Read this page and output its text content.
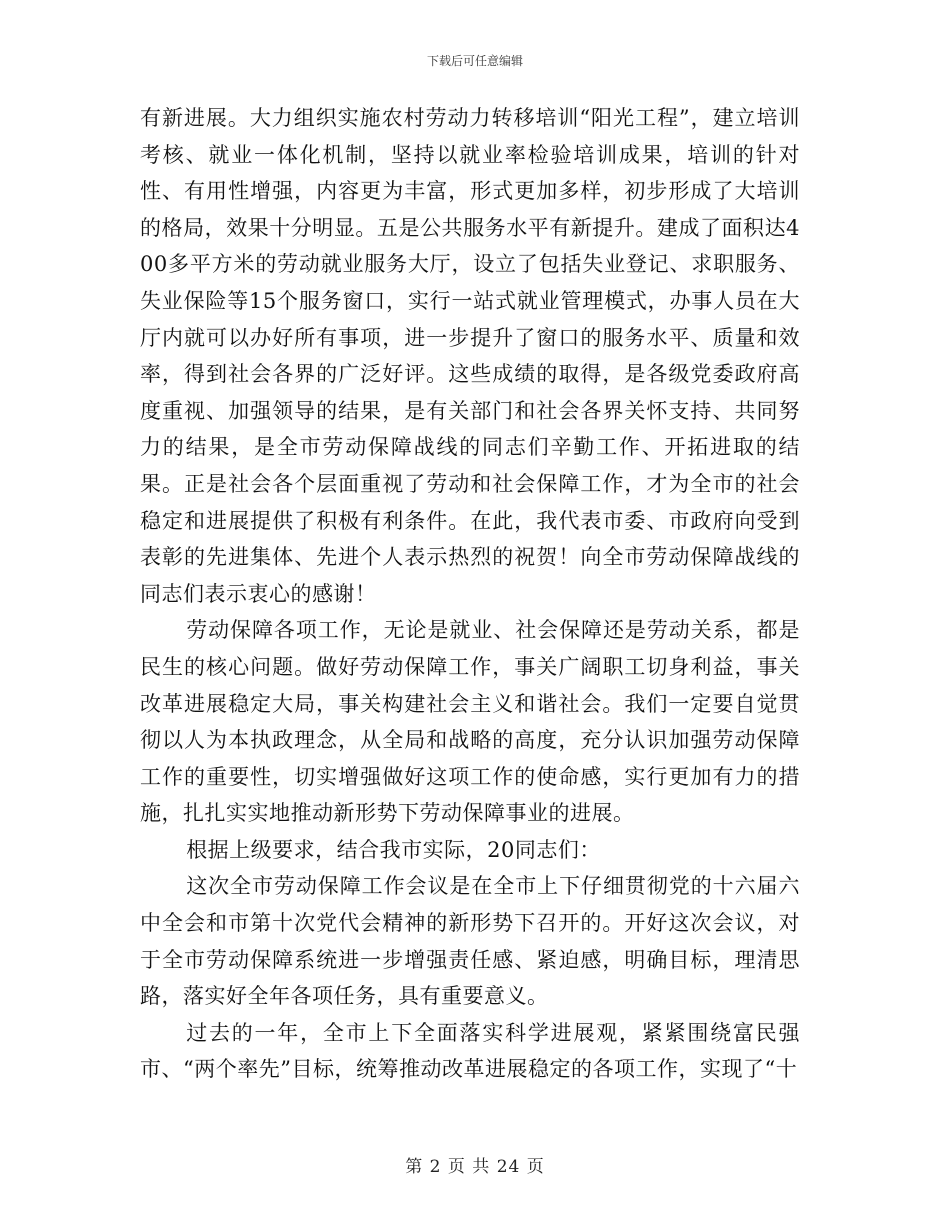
下载后可任意编辑

有新进展。大力组织实施农村劳动力转移培训“阳光工程”，建立培训考核、就业一体化机制，坚持以就业率检验培训成果，培训的针对性、有用性增强，内容更为丰富，形式更加多样，初步形成了大培训的格局，效果十分明显。五是公共服务水平有新提升。建成了面积达400多平方米的劳动就业服务大厅，设立了包括失业登记、求职服务、失业保险等15个服务窗口，实行一站式就业管理模式，办事人员在大厅内就可以办好所有事项，进一步提升了窗口的服务水平、质量和效率，得到社会各界的广泛好评。这些成绩的取得，是各级党委政府高度重视、加强领导的结果，是有关部门和社会各界关怀支持、共同努力的结果，是全市劳动保障战线的同志们辛勤工作、开拓进取的结果。正是社会各个层面重视了劳动和社会保障工作，才为全市的社会稳定和进展提供了积极有利条件。在此，我代表市委、市政府向受到表彰的先进集体、先进个人表示热烈的祝贺！向全市劳动保障战线的同志们表示衷心的感谢！

劳动保障各项工作，无论是就业、社会保障还是劳动关系，都是民生的核心问题。做好劳动保障工作，事关广阔职工切身利益，事关改革进展稳定大局，事关构建社会主义和谐社会。我们一定要自觉贯彻以人为本执政理念，从全局和战略的高度，充分认识加强劳动保障工作的重要性，切实增强做好这项工作的使命感，实行更加有力的措施，扎扎实实地推动新形势下劳动保障事业的进展。

根据上级要求，结合我市实际，20同志们：

这次全市劳动保障工作会议是在全市上下仔细贯彻党的十六届六中全会和市第十次党代会精神的新形势下召开的。开好这次会议，对于全市劳动保障系统进一步增强责任感、紧迫感，明确目标，理清思路，落实好全年各项任务，具有重要意义。

过去的一年，全市上下全面落实科学进展观，紧紧围绕富民强市、“两个率先”目标，统筹推动改革进展稳定的各项工作，实现了“十

第 2 页 共 24 页
